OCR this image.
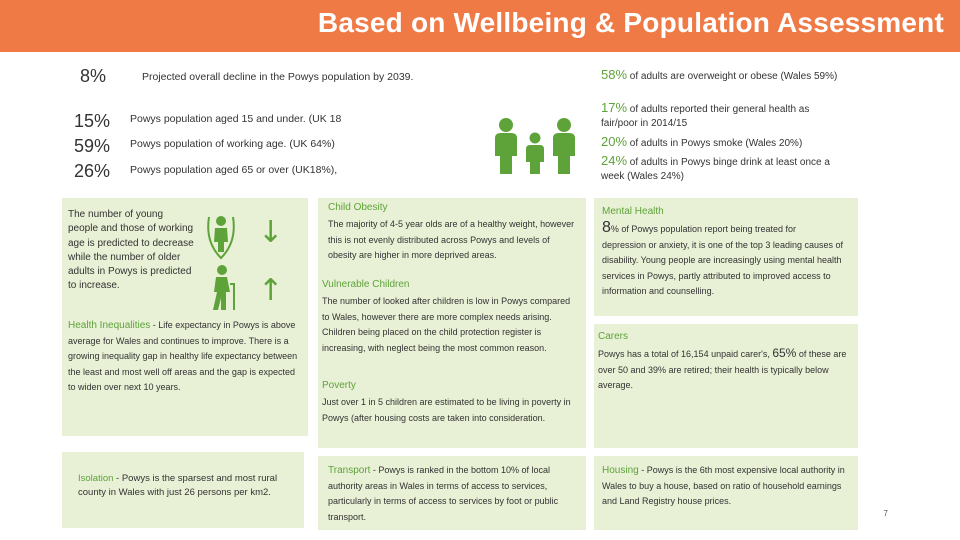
Based on Wellbeing & Population Assessment
8%	Projected overall decline in the Powys population by 2039.
15% Powys population aged 15 and under. (UK 18
59% Powys population of working age. (UK 64%)
26% Powys population aged 65 or over (UK18%),
58% of adults are overweight or obese (Wales 59%)
17% of adults reported their general health as fair/poor in 2014/15
20% of adults in Powys smoke (Wales 20%)
24% of adults in Powys binge drink at least once a week (Wales 24%)
The number of young people and those of working age is predicted to decrease while the number of older adults in Powys is predicted to increase.
↓
↑
Health Inequalities - Life expectancy in Powys is above average for Wales and continues to improve. There is a growing inequality gap in healthy life expectancy between the least and most well off areas and the gap is expected to widen over next 10 years.
Isolation - Powys is the sparsest and most rural county in Wales with just 26 persons per km2.
Child Obesity
The majority of 4-5 year olds are of a healthy weight, however this is not evenly distributed across Powys and levels of obesity are higher in more deprived areas.
Vulnerable Children
The number of looked after children is low in Powys compared to Wales, however there are more complex needs arising. Children being placed on the child protection register is increasing, with neglect being the most common reason.
Poverty
Just over 1 in 5 children are estimated to be living in poverty in Powys (after housing costs are taken into consideration.
Transport - Powys is ranked in the bottom 10% of local authority areas in Wales in terms of access to services, particularly in terms of access to services by foot or public transport.
Mental Health
8% of Powys population report being treated for
depression or anxiety, it is one of the top 3 leading causes of disability. Young people are increasingly using mental health services in Powys, partly attributed to improved access to information and counselling.
Carers
Powys has a total of 16,154 unpaid carer's, 65% of these are over 50 and 39% are retired; their health is typically below average.
Housing - Powys is the 6th most expensive local authority in Wales to buy a house, based on ratio of household earnings and Land Registry house prices.
7
